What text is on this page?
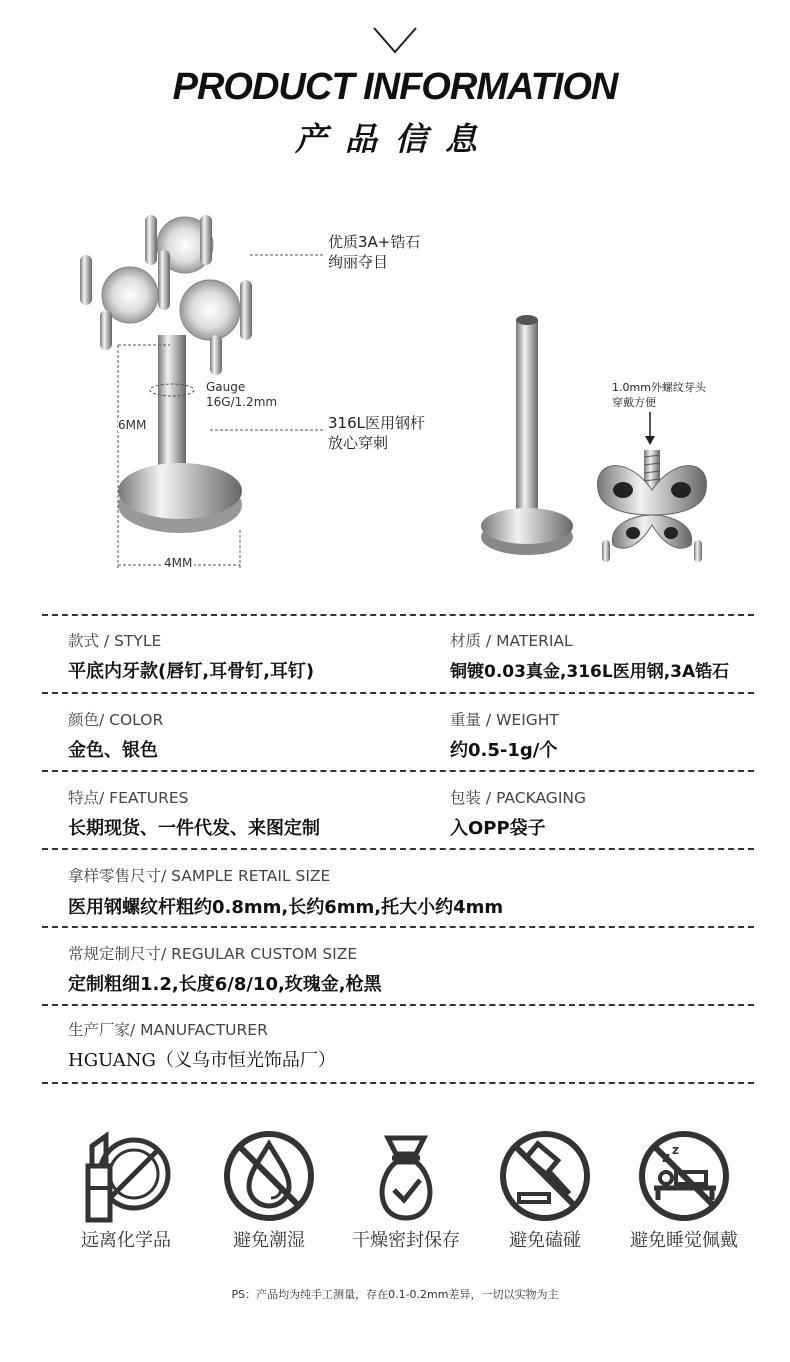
PRODUCT INFORMATION
产品信息
优质3A+锆石
绚丽夺目
Gauge
16G/1.2mm
316L医用钢杆
放心穿刺
6MM
4MM
1.0mm外螺纹芽头
穿戴方便
款式 / STYLE
平底内牙款(唇钉,耳骨钉,耳钉)
材质 / MATERIAL
铜镀0.03真金,316L医用钢,3A锆石
颜色/ COLOR
金色、银色
重量 / WEIGHT
约0.5-1g/个
特点/ FEATURES
长期现货、一件代发、来图定制
包装 / PACKAGING
入OPP袋子
拿样零售尺寸/ SAMPLE RETAIL SIZE
医用钢螺纹杆粗约0.8mm,长约6mm,托大小约4mm
常规定制尺寸/ REGULAR CUSTOM SIZE
定制粗细1.2,长度6/8/10,玫瑰金,枪黑
生产厂家/ MANUFACTURER
HGUANG（义乌市恒光饰品厂）
远离化学品	避免潮湿	干燥密封保存	避免磕碰
z
避免睡觉佩戴
PS：产品均为纯手工测量，存在0.1-0.2mm差异，一切以实物为主
